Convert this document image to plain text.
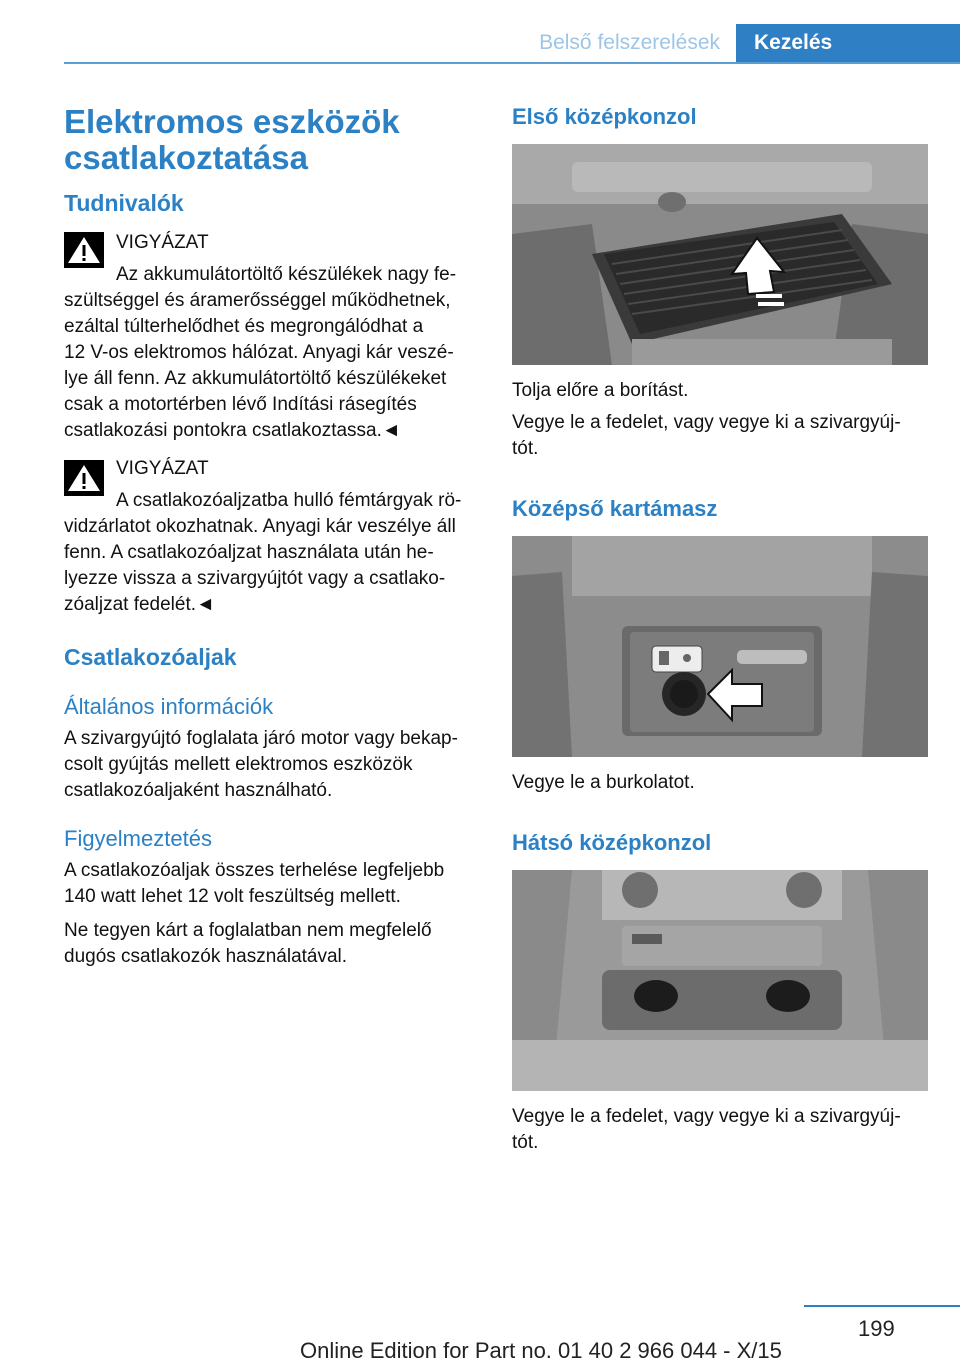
Belső felszerelések	Kezelés
Elektromos eszközök
csatlakoztatása
Tudnivalók
VIGYÁZAT
Az akkumulátortöltő készülékek nagy fe-
szültséggel és áramerősséggel működhetnek,
ezáltal túlterhelődhet és megrongálódhat a
12 V-os elektromos hálózat. Anyagi kár veszé-
lye áll fenn. Az akkumulátortöltő készülékeket
csak a motortérben lévő Indítási rásegítés
csatlakozási pontokra csatlakoztassa.◄
VIGYÁZAT
A csatlakozóaljzatba hulló fémtárgyak rö-
vidzárlatot okozhatnak. Anyagi kár veszélye áll
fenn. A csatlakozóaljzat használata után he-
lyezze vissza a szivargyújtót vagy a csatlako-
zóaljzat fedelét.◄
Csatlakozóaljak
Általános információk
A szivargyújtó foglalata járó motor vagy bekap-
csolt gyújtás mellett elektromos eszközök
csatlakozóaljaként használható.
Figyelmeztetés
A csatlakozóaljak összes terhelése legfeljebb
140 watt lehet 12 volt feszültség mellett.
Ne tegyen kárt a foglalatban nem megfelelő
dugós csatlakozók használatával.
Első középkonzol
Tolja előre a borítást.
Vegye le a fedelet, vagy vegye ki a szivargyúj-
tót.
Középső kartámasz
Vegye le a burkolatot.
Hátsó középkonzol
Vegye le a fedelet, vagy vegye ki a szivargyúj-
tót.
199
Online Edition for Part no. 01 40 2 966 044 - X/15
